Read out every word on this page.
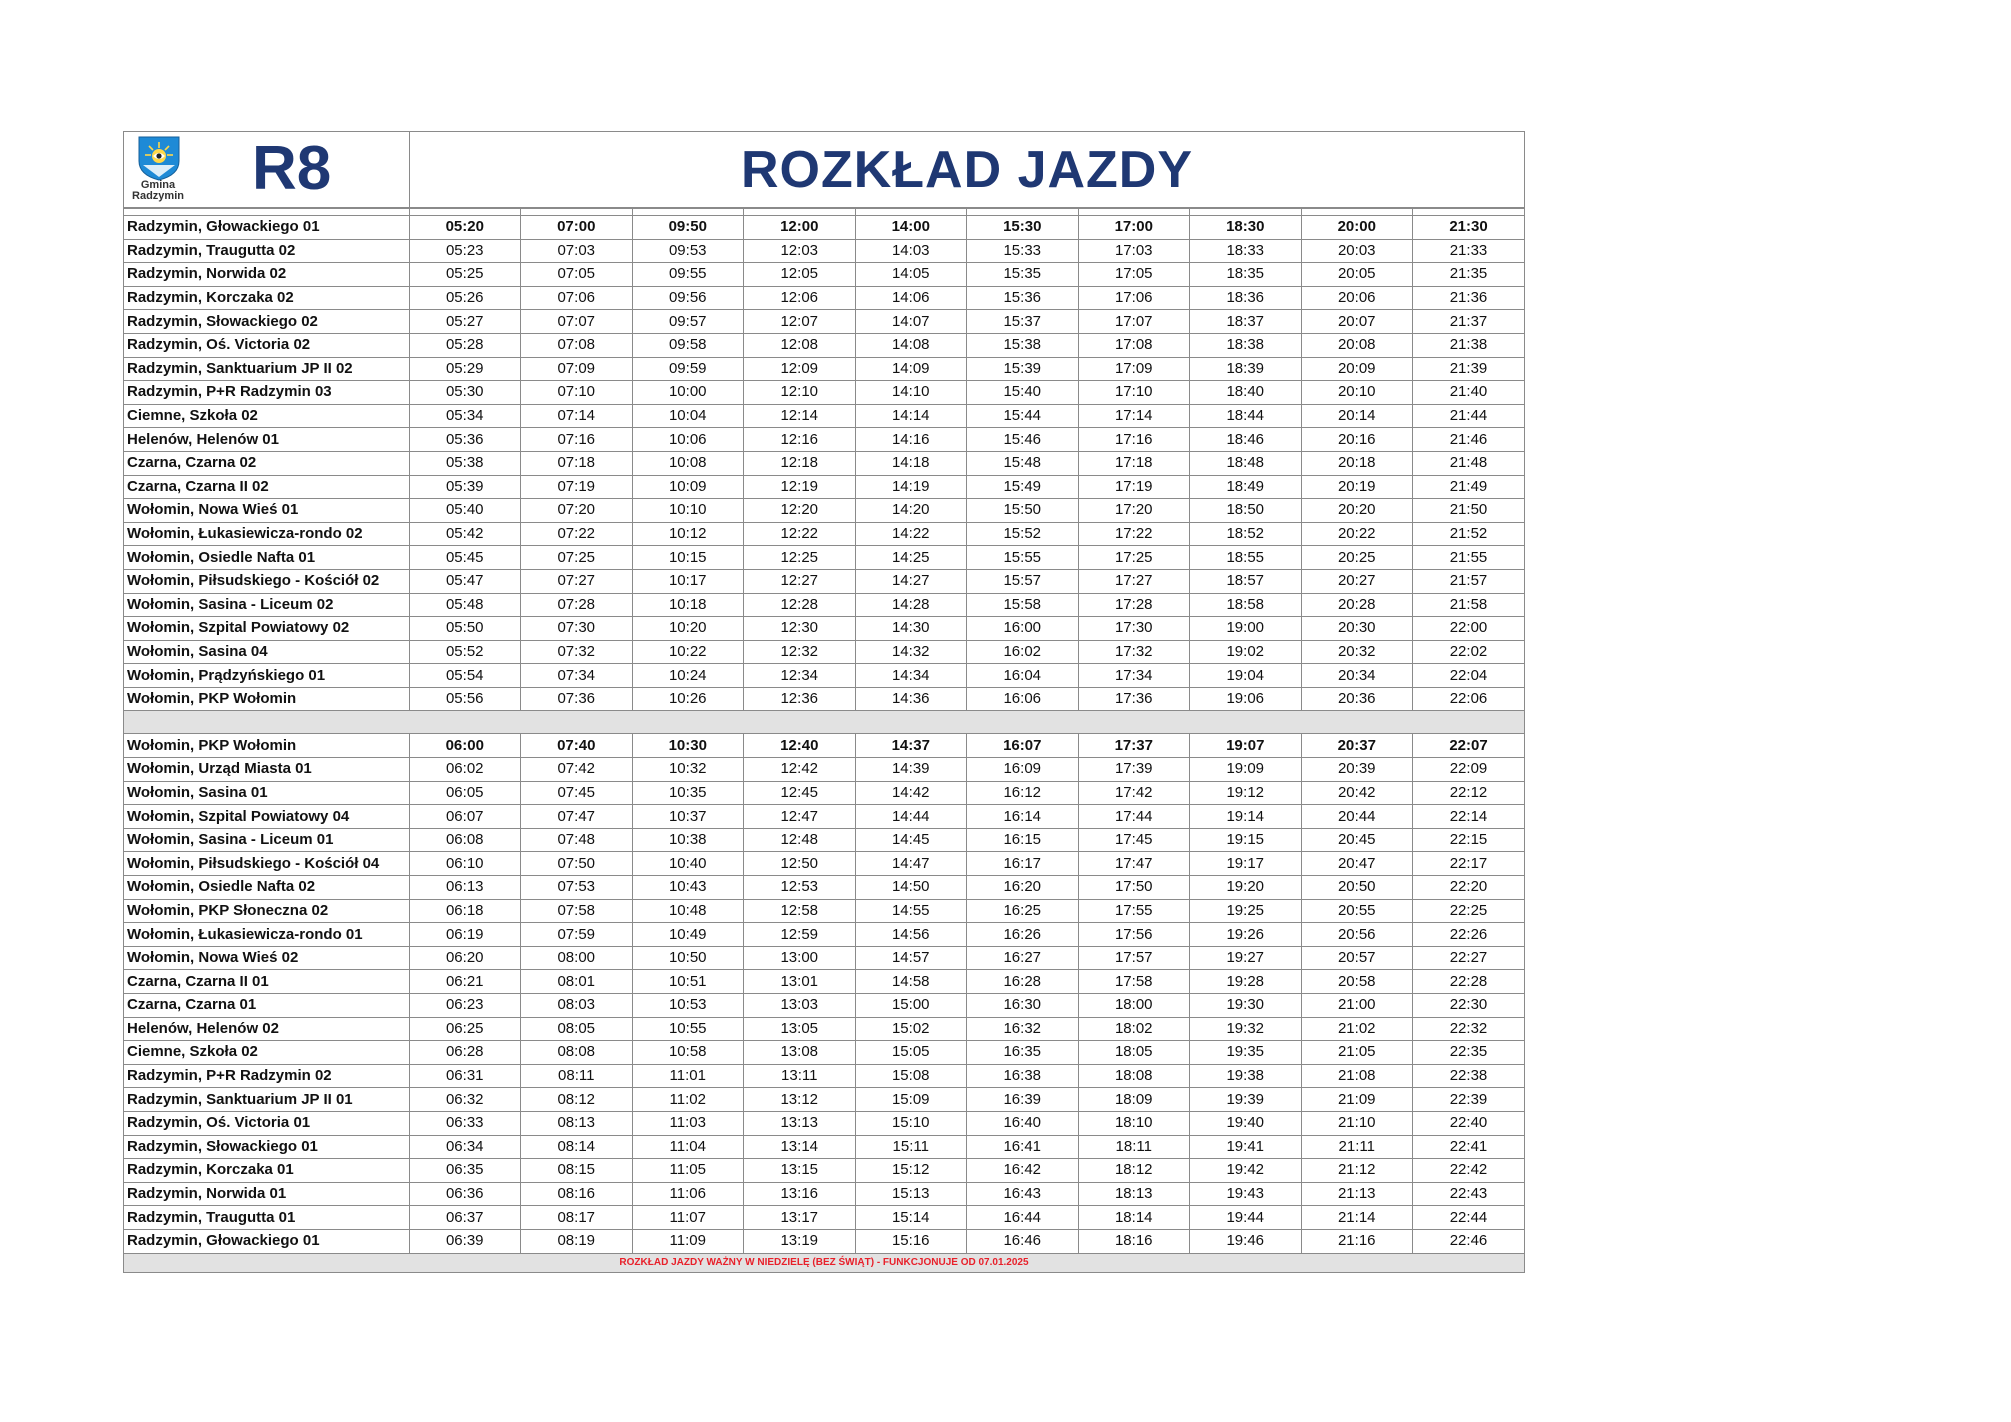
Gmina
Radzymin R8	ROZKŁAD JAZDY

Radzymin, Głowackiego 01	05:20	07:00	09:50	12:00	14:00	15:30	17:00	18:30	20:00	21:30
Radzymin, Traugutta 02	05:23	07:03	09:53	12:03	14:03	15:33	17:03	18:33	20:03	21:33
Radzymin, Norwida 02	05:25	07:05	09:55	12:05	14:05	15:35	17:05	18:35	20:05	21:35
Radzymin, Korczaka 02	05:26	07:06	09:56	12:06	14:06	15:36	17:06	18:36	20:06	21:36
Radzymin, Słowackiego 02	05:27	07:07	09:57	12:07	14:07	15:37	17:07	18:37	20:07	21:37
Radzymin, Oś. Victoria 02	05:28	07:08	09:58	12:08	14:08	15:38	17:08	18:38	20:08	21:38
Radzymin, Sanktuarium JP II 02	05:29	07:09	09:59	12:09	14:09	15:39	17:09	18:39	20:09	21:39
Radzymin, P+R Radzymin 03	05:30	07:10	10:00	12:10	14:10	15:40	17:10	18:40	20:10	21:40
Ciemne, Szkoła 02	05:34	07:14	10:04	12:14	14:14	15:44	17:14	18:44	20:14	21:44
Helenów, Helenów 01	05:36	07:16	10:06	12:16	14:16	15:46	17:16	18:46	20:16	21:46
Czarna, Czarna 02	05:38	07:18	10:08	12:18	14:18	15:48	17:18	18:48	20:18	21:48
Czarna, Czarna II 02	05:39	07:19	10:09	12:19	14:19	15:49	17:19	18:49	20:19	21:49
Wołomin, Nowa Wieś 01	05:40	07:20	10:10	12:20	14:20	15:50	17:20	18:50	20:20	21:50
Wołomin, Łukasiewicza-rondo 02	05:42	07:22	10:12	12:22	14:22	15:52	17:22	18:52	20:22	21:52
Wołomin, Osiedle Nafta 01	05:45	07:25	10:15	12:25	14:25	15:55	17:25	18:55	20:25	21:55
Wołomin, Piłsudskiego - Kościół 02	05:47	07:27	10:17	12:27	14:27	15:57	17:27	18:57	20:27	21:57
Wołomin, Sasina - Liceum 02	05:48	07:28	10:18	12:28	14:28	15:58	17:28	18:58	20:28	21:58
Wołomin, Szpital Powiatowy 02	05:50	07:30	10:20	12:30	14:30	16:00	17:30	19:00	20:30	22:00
Wołomin, Sasina 04	05:52	07:32	10:22	12:32	14:32	16:02	17:32	19:02	20:32	22:02
Wołomin, Prądzyńskiego 01	05:54	07:34	10:24	12:34	14:34	16:04	17:34	19:04	20:34	22:04
Wołomin, PKP Wołomin	05:56	07:36	10:26	12:36	14:36	16:06	17:36	19:06	20:36	22:06

Wołomin, PKP Wołomin	06:00	07:40	10:30	12:40	14:37	16:07	17:37	19:07	20:37	22:07
Wołomin, Urząd Miasta 01	06:02	07:42	10:32	12:42	14:39	16:09	17:39	19:09	20:39	22:09
Wołomin, Sasina 01	06:05	07:45	10:35	12:45	14:42	16:12	17:42	19:12	20:42	22:12
Wołomin, Szpital Powiatowy 04	06:07	07:47	10:37	12:47	14:44	16:14	17:44	19:14	20:44	22:14
Wołomin, Sasina - Liceum 01	06:08	07:48	10:38	12:48	14:45	16:15	17:45	19:15	20:45	22:15
Wołomin, Piłsudskiego - Kościół 04	06:10	07:50	10:40	12:50	14:47	16:17	17:47	19:17	20:47	22:17
Wołomin, Osiedle Nafta 02	06:13	07:53	10:43	12:53	14:50	16:20	17:50	19:20	20:50	22:20
Wołomin, PKP Słoneczna 02	06:18	07:58	10:48	12:58	14:55	16:25	17:55	19:25	20:55	22:25
Wołomin, Łukasiewicza-rondo 01	06:19	07:59	10:49	12:59	14:56	16:26	17:56	19:26	20:56	22:26
Wołomin, Nowa Wieś 02	06:20	08:00	10:50	13:00	14:57	16:27	17:57	19:27	20:57	22:27
Czarna, Czarna II 01	06:21	08:01	10:51	13:01	14:58	16:28	17:58	19:28	20:58	22:28
Czarna, Czarna 01	06:23	08:03	10:53	13:03	15:00	16:30	18:00	19:30	21:00	22:30
Helenów, Helenów 02	06:25	08:05	10:55	13:05	15:02	16:32	18:02	19:32	21:02	22:32
Ciemne, Szkoła 02	06:28	08:08	10:58	13:08	15:05	16:35	18:05	19:35	21:05	22:35
Radzymin, P+R Radzymin 02	06:31	08:11	11:01	13:11	15:08	16:38	18:08	19:38	21:08	22:38
Radzymin, Sanktuarium JP II 01	06:32	08:12	11:02	13:12	15:09	16:39	18:09	19:39	21:09	22:39
Radzymin, Oś. Victoria 01	06:33	08:13	11:03	13:13	15:10	16:40	18:10	19:40	21:10	22:40
Radzymin, Słowackiego 01	06:34	08:14	11:04	13:14	15:11	16:41	18:11	19:41	21:11	22:41
Radzymin, Korczaka 01	06:35	08:15	11:05	13:15	15:12	16:42	18:12	19:42	21:12	22:42
Radzymin, Norwida 01	06:36	08:16	11:06	13:16	15:13	16:43	18:13	19:43	21:13	22:43
Radzymin, Traugutta 01	06:37	08:17	11:07	13:17	15:14	16:44	18:14	19:44	21:14	22:44
Radzymin, Głowackiego 01	06:39	08:19	11:09	13:19	15:16	16:46	18:16	19:46	21:16	22:46
ROZKŁAD JAZDY WAŻNY W NIEDZIELĘ (BEZ ŚWIĄT) - FUNKCJONUJE OD 07.01.2025										
